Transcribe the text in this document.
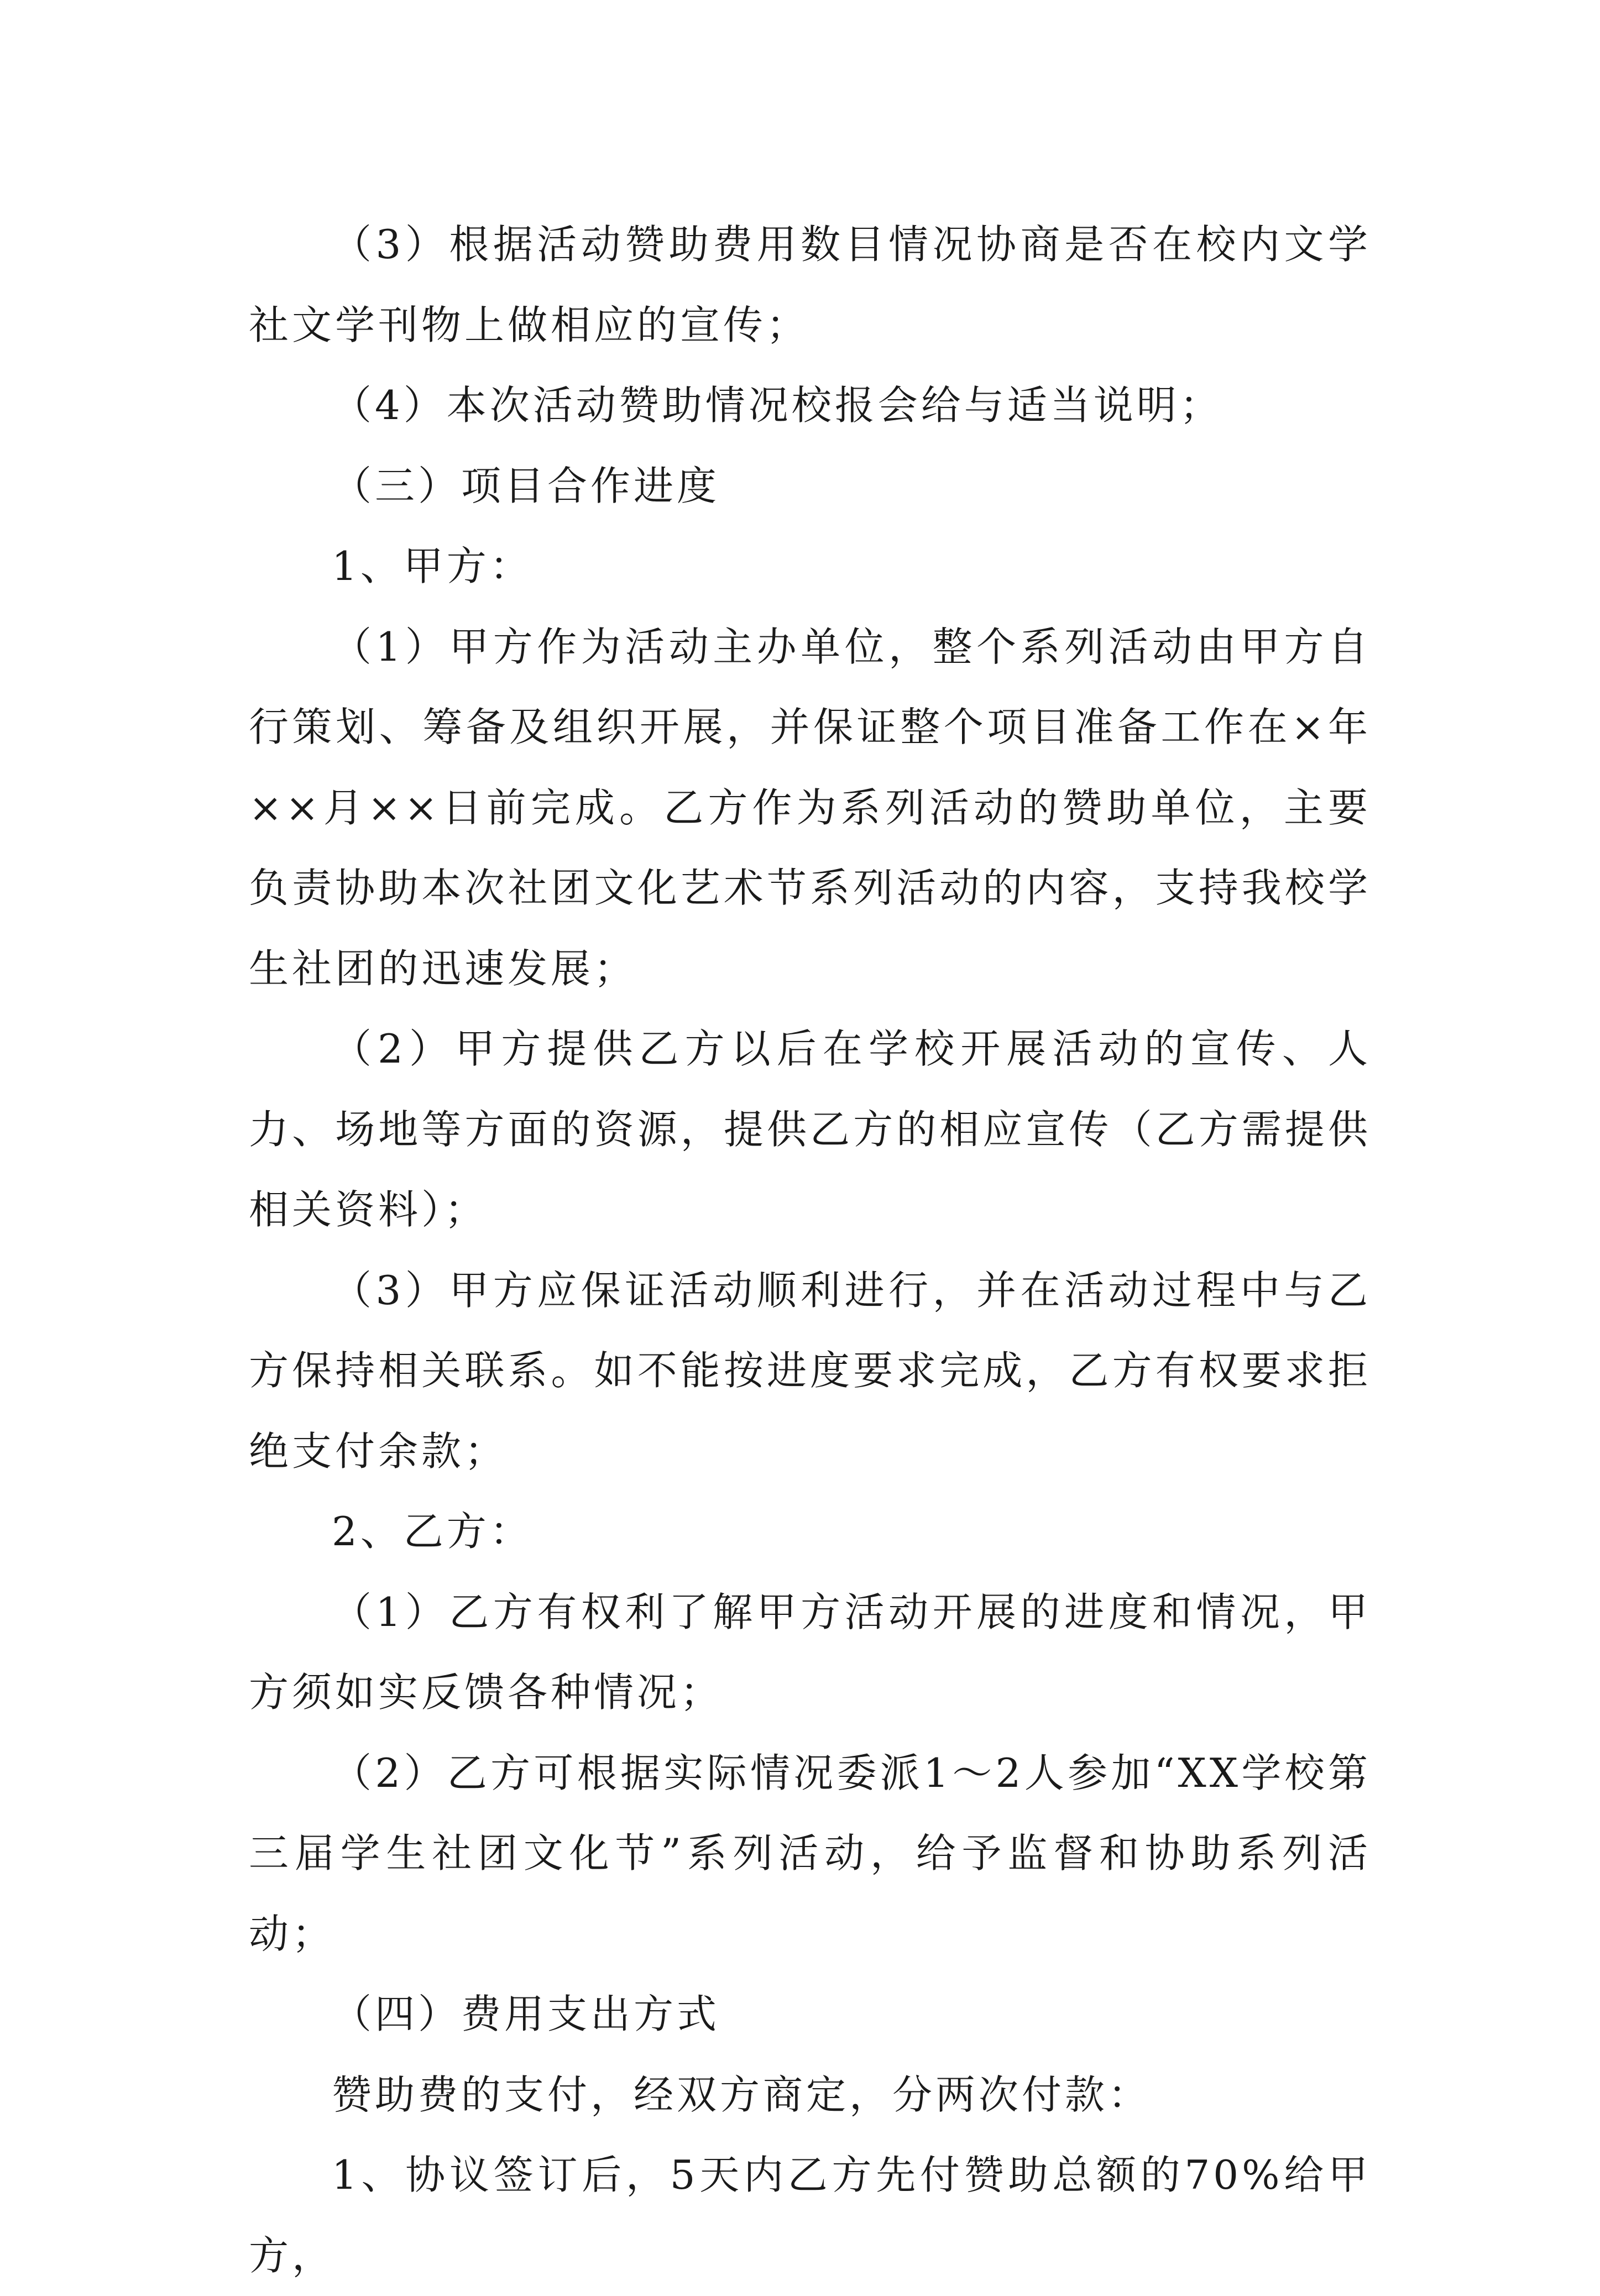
（3）根据活动赞助费用数目情况协商是否在校内文学社文学刊物上做相应的宣传；

（4）本次活动赞助情况校报会给与适当说明；

（三）项目合作进度

1、甲方：

（1）甲方作为活动主办单位，整个系列活动由甲方自行策划、筹备及组织开展，并保证整个项目准备工作在×年××月××日前完成。乙方作为系列活动的赞助单位，主要负责协助本次社团文化艺术节系列活动的内容，支持我校学生社团的迅速发展；

（2）甲方提供乙方以后在学校开展活动的宣传、人力、场地等方面的资源，提供乙方的相应宣传（乙方需提供相关资料）；

（3）甲方应保证活动顺利进行，并在活动过程中与乙方保持相关联系。如不能按进度要求完成，乙方有权要求拒绝支付余款；

2、乙方：

（1）乙方有权利了解甲方活动开展的进度和情况，甲方须如实反馈各种情况；

（2）乙方可根据实际情况委派1～2人参加“XX学校第三届学生社团文化节”系列活动，给予监督和协助系列活动；

（四）费用支出方式

赞助费的支付，经双方商定，分两次付款：

1、协议签订后，5天内乙方先付赞助总额的70%给甲方，
